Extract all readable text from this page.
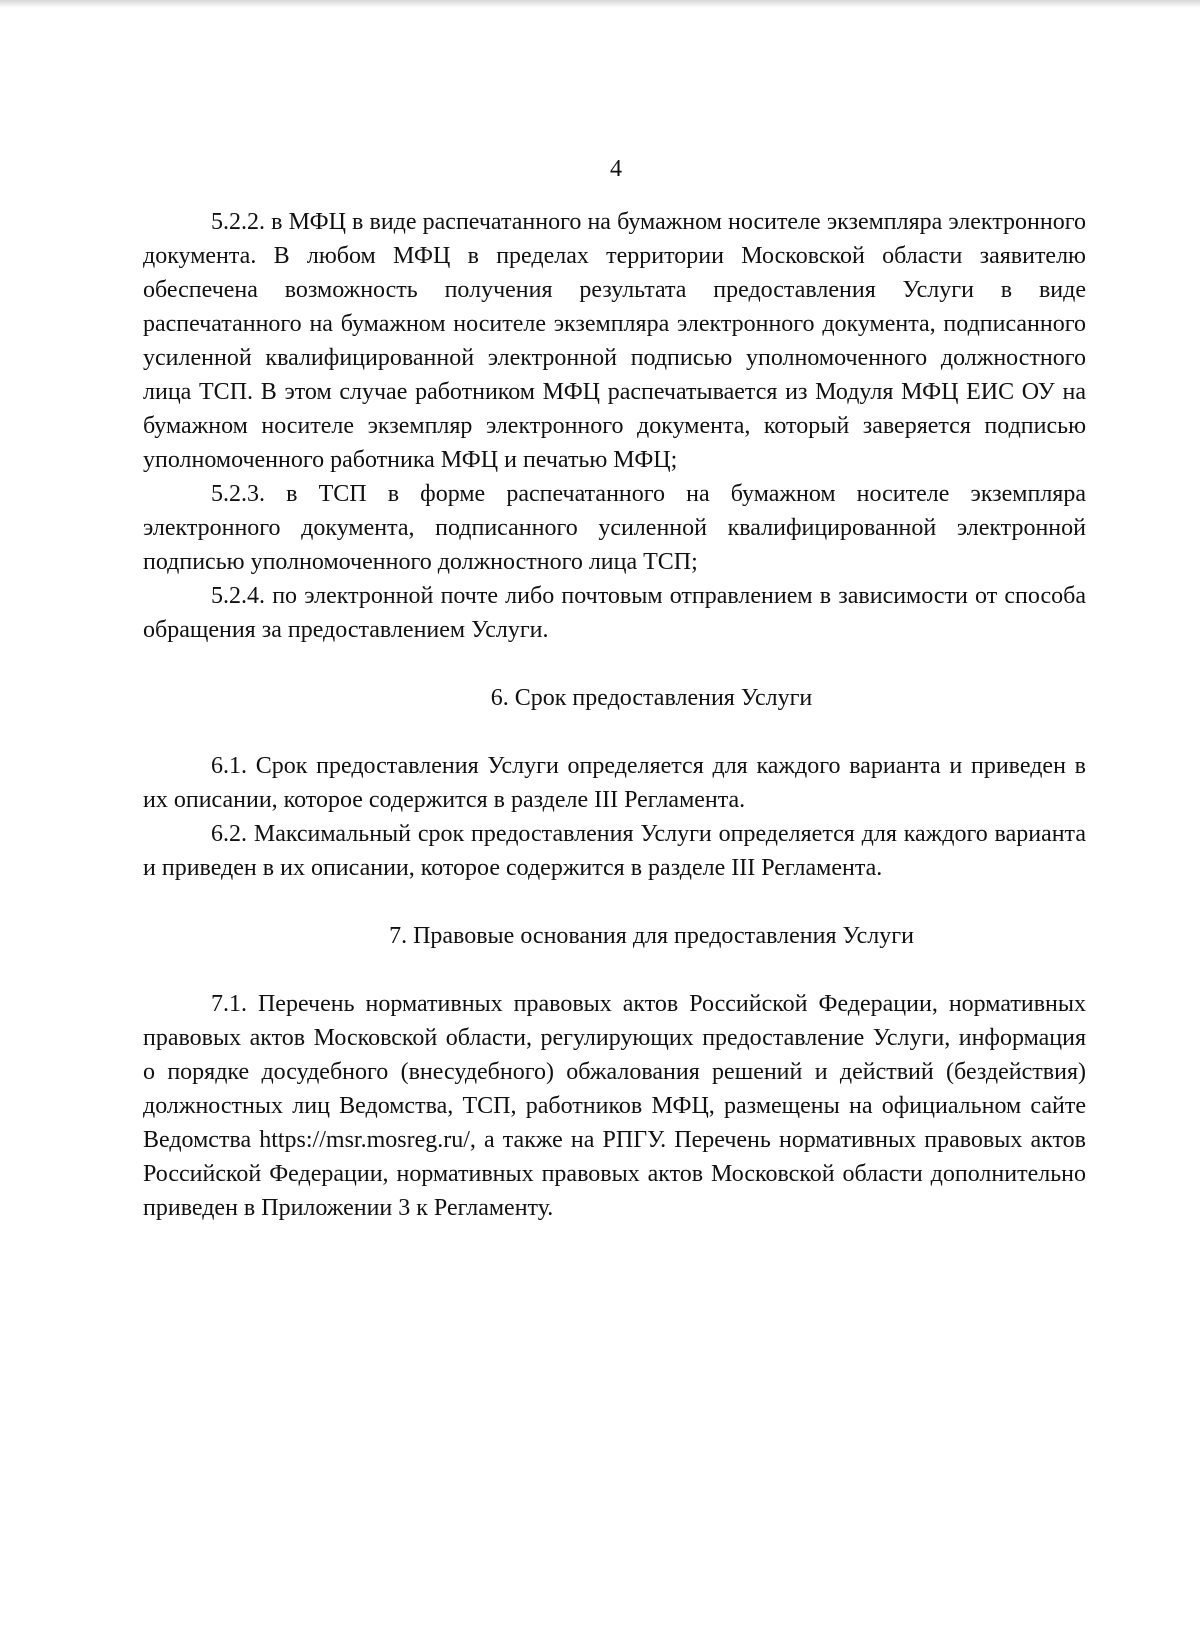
4

5.2.2. в МФЦ в виде распечатанного на бумажном носителе экземпляра электронного документа. В любом МФЦ в пределах территории Московской области заявителю обеспечена возможность получения результата предоставления Услуги в виде распечатанного на бумажном носителе экземпляра электронного документа, подписанного усиленной квалифицированной электронной подписью уполномоченного должностного лица ТСП. В этом случае работником МФЦ распечатывается из Модуля МФЦ ЕИС ОУ на бумажном носителе экземпляр электронного документа, который заверяется подписью уполномоченного работника МФЦ и печатью МФЦ;

5.2.3. в ТСП в форме распечатанного на бумажном носителе экземпляра электронного документа, подписанного усиленной квалифицированной электронной подписью уполномоченного должностного лица ТСП;

5.2.4. по электронной почте либо почтовым отправлением в зависимости от способа обращения за предоставлением Услуги.

6. Срок предоставления Услуги

6.1. Срок предоставления Услуги определяется для каждого варианта и приведен в их описании, которое содержится в разделе III Регламента.

6.2. Максимальный срок предоставления Услуги определяется для каждого варианта и приведен в их описании, которое содержится в разделе III Регламента.

7. Правовые основания для предоставления Услуги

7.1. Перечень нормативных правовых актов Российской Федерации, нормативных правовых актов Московской области, регулирующих предоставление Услуги, информация о порядке досудебного (внесудебного) обжалования решений и действий (бездействия) должностных лиц Ведомства, ТСП, работников МФЦ, размещены на официальном сайте Ведомства https://msr.mosreg.ru/, а также на РПГУ. Перечень нормативных правовых актов Российской Федерации, нормативных правовых актов Московской области дополнительно приведен в Приложении 3 к Регламенту.
